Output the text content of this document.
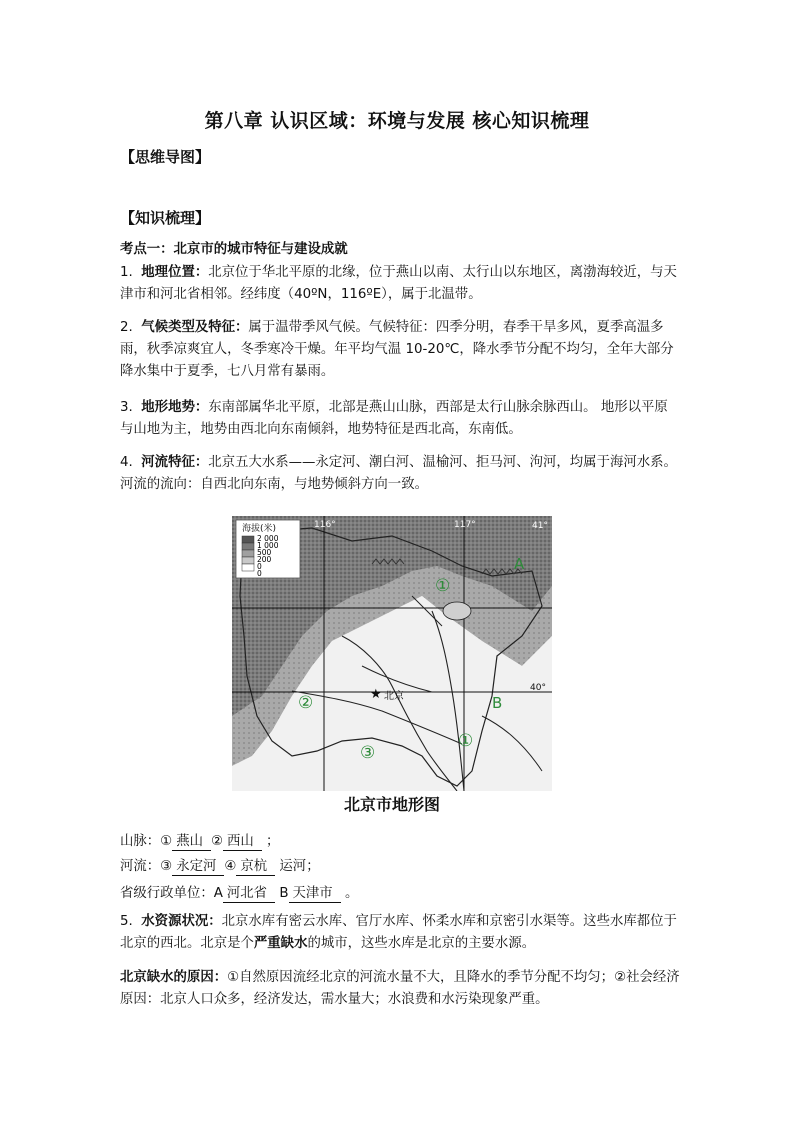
第八章 认识区域：环境与发展 核心知识梳理
【思维导图】
【知识梳理】
考点一：北京市的城市特征与建设成就
1. 地理位置：北京位于华北平原的北缘，位于燕山以南、太行山以东地区，离渤海较近，与天津市和河北省相邻。经纬度（40ºN，116ºE），属于北温带。
2. 气候类型及特征：属于温带季风气候。气候特征：四季分明，春季干旱多风，夏季高温多雨，秋季凉爽宜人，冬季寒冷干燥。年平均气温 10-20℃，降水季节分配不均匀，全年大部分降水集中于夏季，七八月常有暴雨。
3. 地形地势：东南部属华北平原，北部是燕山山脉，西部是太行山脉余脉西山。 地形以平原与山地为主，地势由西北向东南倾斜，地势特征是西北高，东南低。
4. 河流特征：北京五大水系——永定河、潮白河、温榆河、拒马河、泃河，均属于海河水系。河流的流向：自西北向东南，与地势倾斜方向一致。
海拔(米)
2 000
1 000
500
200
0
0
116°	117°	41°
40°
★ 北京
①
A
②	B
③
①
北京市地形图
山脉：① 燕山 ② 西山 ；
河流：③ 永定河 ④ 京杭 运河；
省级行政单位：A 河北省 B 天津市 。
5. 水资源状况：北京水库有密云水库、官厅水库、怀柔水库和京密引水渠等。这些水库都位于北京的西北。北京是个严重缺水的城市，这些水库是北京的主要水源。
北京缺水的原因：①自然原因流经北京的河流水量不大，且降水的季节分配不均匀；②社会经济原因：北京人口众多，经济发达，需水量大；水浪费和水污染现象严重。
